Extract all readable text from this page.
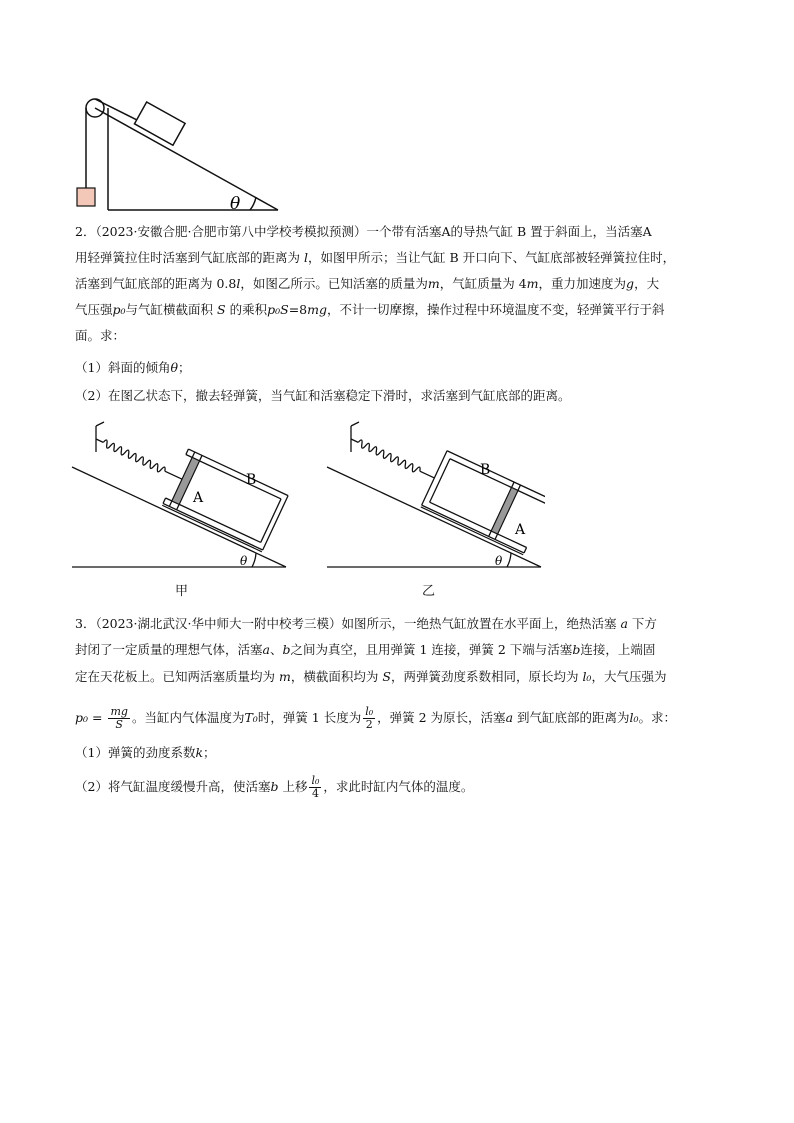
θ
2．（2023·安徽合肥·合肥市第八中学校考模拟预测）一个带有活塞A的导热气缸 B 置于斜面上，当活塞A
用轻弹簧拉住时活塞到气缸底部的距离为 l，如图甲所示；当让气缸 B 开口向下、气缸底部被轻弹簧拉住时，
活塞到气缸底部的距离为 0.8l，如图乙所示。已知活塞的质量为m，气缸质量为 4m，重力加速度为g，大
气压强p₀与气缸横截面积 S 的乘积p₀S=8mg，不计一切摩擦，操作过程中环境温度不变，轻弹簧平行于斜
面。求：
（1）斜面的倾角θ；
（2）在图乙状态下，撤去轻弹簧，当气缸和活塞稳定下滑时，求活塞到气缸底部的距离。
B
A
θ
甲
B
A
θ
乙
3．（2023·湖北武汉·华中师大一附中校考三模）如图所示，一绝热气缸放置在水平面上，绝热活塞 a 下方
封闭了一定质量的理想气体，活塞a、b之间为真空，且用弹簧 1 连接，弹簧 2 下端与活塞b连接，上端固
定在天花板上。已知两活塞质量均为 m，横截面积均为 S，两弹簧劲度系数相同，原长均为 l₀，大气压强为
$p_0 = \frac{mg}{S}$ 。当缸内气体温度为T₀时，弹簧 1 长度为 $\frac{\text{l₀}}{2}$ ，弹簧 2 为原长，活塞a 到气缸底部的距离为l₀。求：
（1）弹簧的劲度系数k；
（2）将气缸温度缓慢升高，使活塞b 上移 $\frac{\text{l₀}}{4}$ ，求此时缸内气体的温度。
